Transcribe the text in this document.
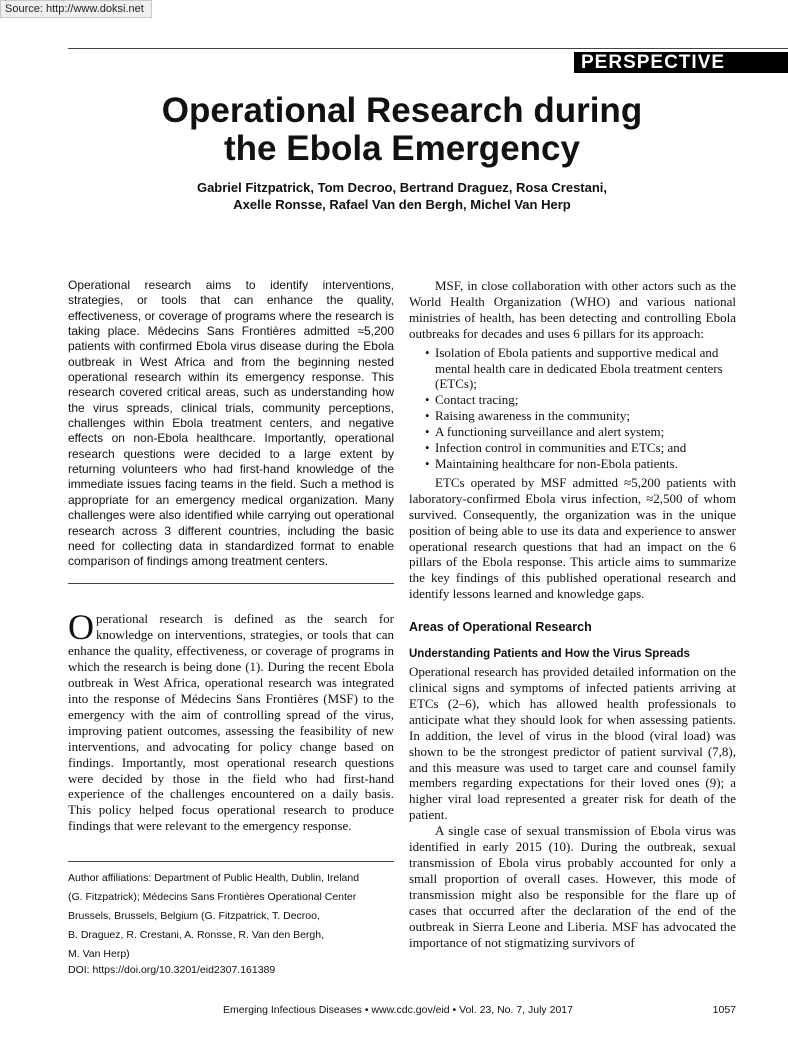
Source: http://www.doksi.net
PERSPECTIVE
Operational Research during
the Ebola Emergency
Gabriel Fitzpatrick, Tom Decroo, Bertrand Draguez, Rosa Crestani,
Axelle Ronsse, Rafael Van den Bergh, Michel Van Herp
Operational research aims to identify interventions, strategies, or tools that can enhance the quality, effectiveness, or coverage of programs where the research is taking place. Médecins Sans Frontières admitted ≈5,200 patients with confirmed Ebola virus disease during the Ebola outbreak in West Africa and from the beginning nested operational research within its emergency response. This research covered critical areas, such as understanding how the virus spreads, clinical trials, community perceptions, challenges within Ebola treatment centers, and negative effects on non-Ebola healthcare. Importantly, operational research questions were decided to a large extent by returning volunteers who had first-hand knowledge of the immediate issues facing teams in the field. Such a method is appropriate for an emergency medical organization. Many challenges were also identified while carrying out operational research across 3 different countries, including the basic need for collecting data in standardized format to enable comparison of findings among treatment centers.
Operational research is defined as the search for knowledge on interventions, strategies, or tools that can enhance the quality, effectiveness, or coverage of programs in which the research is being done (1). During the recent Ebola outbreak in West Africa, operational research was integrated into the response of Médecins Sans Frontières (MSF) to the emergency with the aim of controlling spread of the virus, improving patient outcomes, assessing the feasibility of new interventions, and advocating for policy change based on findings. Importantly, most operational research questions were decided by those in the field who had first-hand experience of the challenges encountered on a daily basis. This policy helped focus operational research to produce findings that were relevant to the emergency response.
Author affiliations: Department of Public Health, Dublin, Ireland
(G. Fitzpatrick); Médecins Sans Frontières Operational Center
Brussels, Brussels, Belgium (G. Fitzpatrick, T. Decroo,
B. Draguez, R. Crestani, A. Ronsse, R. Van den Bergh,
M. Van Herp)
DOI: https://doi.org/10.3201/eid2307.161389

MSF, in close collaboration with other actors such as the World Health Organization (WHO) and various national ministries of health, has been detecting and controlling Ebola outbreaks for decades and uses 6 pillars for its approach:

• Isolation of Ebola patients and supportive medical and mental health care in dedicated Ebola treatment centers (ETCs);
• Contact tracing;
• Raising awareness in the community;
• A functioning surveillance and alert system;
• Infection control in communities and ETCs; and
• Maintaining healthcare for non-Ebola patients.

ETCs operated by MSF admitted ≈5,200 patients with laboratory-confirmed Ebola virus infection, ≈2,500 of whom survived. Consequently, the organization was in the unique position of being able to use its data and experience to answer operational research questions that had an impact on the 6 pillars of the Ebola response. This article aims to summarize the key findings of this published operational research and identify lessons learned and knowledge gaps.

Areas of Operational Research
Understanding Patients and How the Virus Spreads

Operational research has provided detailed information on the clinical signs and symptoms of infected patients arriving at ETCs (2–6), which has allowed health professionals to anticipate what they should look for when assessing patients. In addition, the level of virus in the blood (viral load) was shown to be the strongest predictor of patient survival (7,8), and this measure was used to target care and counsel family members regarding expectations for their loved ones (9); a higher viral load represented a greater risk for death of the patient.

A single case of sexual transmission of Ebola virus was identified in early 2015 (10). During the outbreak, sexual transmission of Ebola virus probably accounted for only a small proportion of overall cases. However, this mode of transmission might also be responsible for the flare up of cases that occurred after the declaration of the end of the outbreak in Sierra Leone and Liberia. MSF has advocated the importance of not stigmatizing survivors of

Emerging Infectious Diseases • www.cdc.gov/eid • Vol. 23, No. 7, July 2017	1057
